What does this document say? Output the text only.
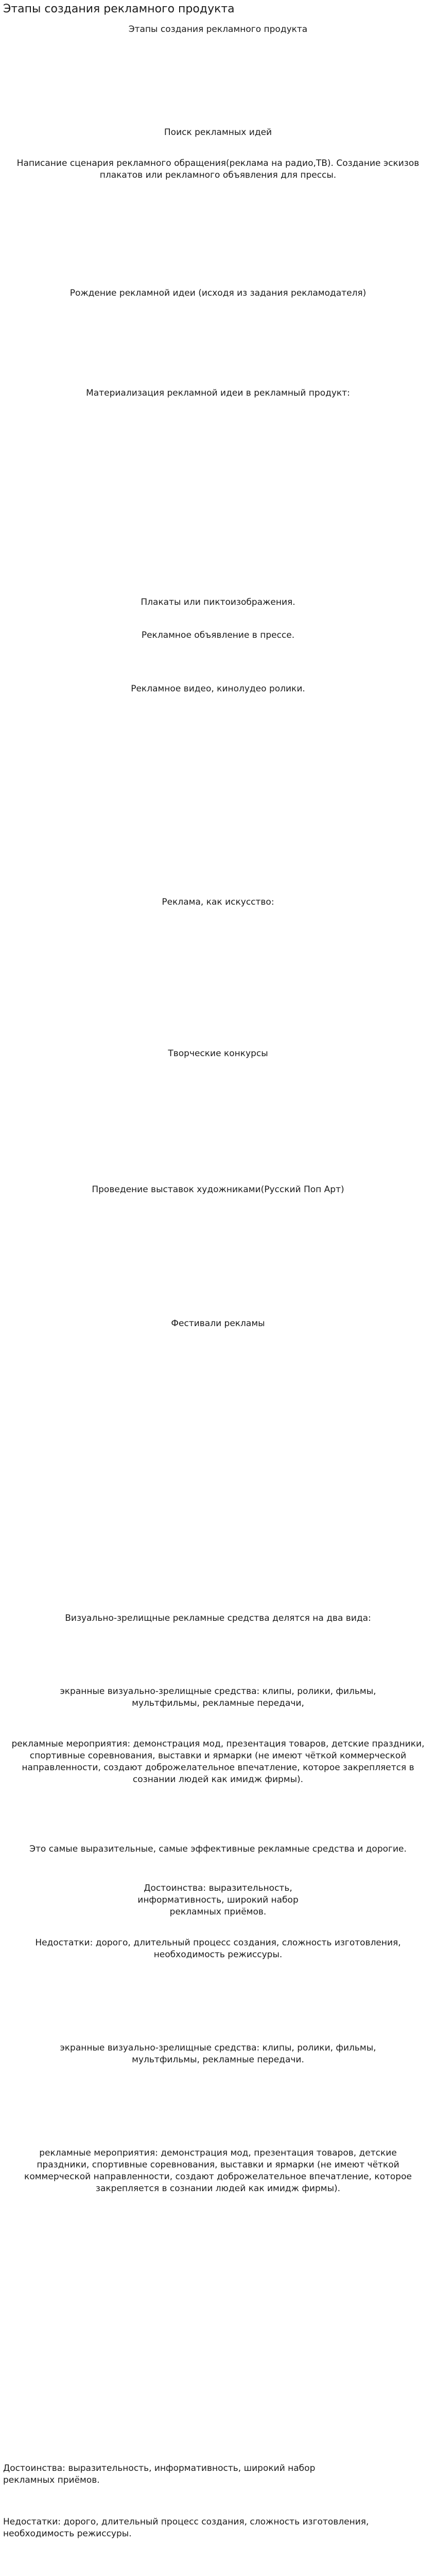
Этапы создания рекламного продукта
Этапы создания рекламного продукта
Поиск рекламных идей
Написание сценария рекламного обращения(реклама на радио,ТВ). Создание эскизов плакатов или рекламного объявления для прессы.
Рождение рекламной идеи (исходя из задания рекламодателя)
Материализация рекламной идеи в рекламный продукт:
Плакаты или пиктоизображения.
Рекламное объявление в прессе.
Рекламное видео, кинолудео ролики.
Реклама, как искусство:
Творческие конкурсы
Проведение выставок художниками(Русский Поп Арт)
Фестивали рекламы
Визуально-зрелищные рекламные средства делятся на два вида:
экранные визуально-зрелищные средства: клипы, ролики, фильмы, мультфильмы, рекламные передачи,
рекламные мероприятия: демонстрация мод, презентация товаров, детские праздники, спортивные соревнования, выставки и ярмарки (не имеют чёткой коммерческой направленности, создают доброжелательное впечатление, которое закрепляется в сознании людей как имидж фирмы).
Это самые выразительные, самые эффективные рекламные средства и дорогие.
Достоинства: выразительность, информативность, широкий набор рекламных приёмов.
Недостатки: дорого, длительный процесс создания, сложность изготовления, необходимость режиссуры.
экранные визуально-зрелищные средства: клипы, ролики, фильмы, мультфильмы, рекламные передачи.
рекламные мероприятия: демонстрация мод, презентация товаров, детские праздники, спортивные соревнования, выставки и ярмарки (не имеют чёткой коммерческой направленности, создают доброжелательное впечатление, которое закрепляется в сознании людей как имидж фирмы).
Достоинства: выразительность, информативность, широкий набор рекламных приёмов.
Недостатки: дорого, длительный процесс создания, сложность изготовления, необходимость режиссуры.
